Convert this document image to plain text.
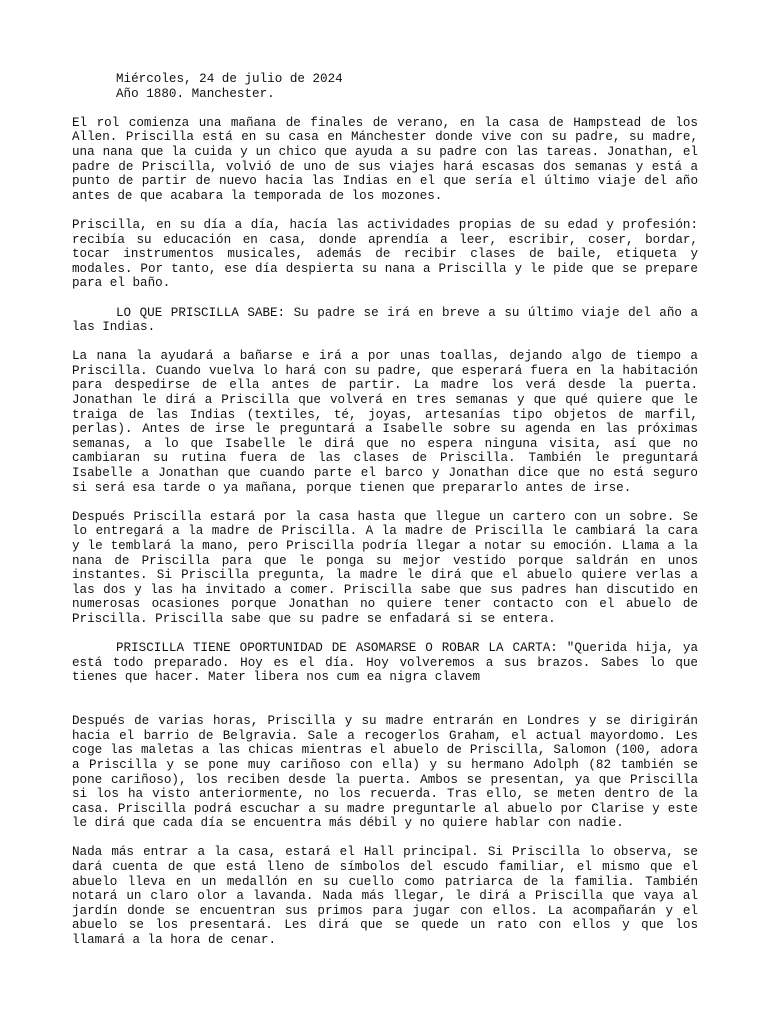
Miércoles, 24 de julio de 2024
Año 1880. Manchester.

El rol comienza una mañana de finales de verano, en la casa de Hampstead de los Allen. Priscilla está en su casa en Mánchester donde vive con su padre, su madre, una nana que la cuida y un chico que ayuda a su padre con las tareas. Jonathan, el padre de Priscilla, volvió de uno de sus viajes hará escasas dos semanas y está a punto de partir de nuevo hacia las Indias en el que sería el último viaje del año antes de que acabara la temporada de los mozones.

Priscilla, en su día a día, hacía las actividades propias de su edad y profesión: recibía su educación en casa, donde aprendía a leer, escribir, coser, bordar, tocar instrumentos musicales, además de recibir clases de baile, etiqueta y modales. Por tanto, ese día despierta su nana a Priscilla y le pide que se prepare para el baño.

LO QUE PRISCILLA SABE: Su padre se irá en breve a su último viaje del año a las Indias.

La nana la ayudará a bañarse e irá a por unas toallas, dejando algo de tiempo a Priscilla. Cuando vuelva lo hará con su padre, que esperará fuera en la habitación para despedirse de ella antes de partir. La madre los verá desde la puerta. Jonathan le dirá a Priscilla que volverá en tres semanas y que qué quiere que le traiga de las Indias (textiles, té, joyas, artesanías tipo objetos de marfil, perlas). Antes de irse le preguntará a Isabelle sobre su agenda en las próximas semanas, a lo que Isabelle le dirá que no espera ninguna visita, así que no cambiaran su rutina fuera de las clases de Priscilla. También le preguntará Isabelle a Jonathan que cuando parte el barco y Jonathan dice que no está seguro si será esa tarde o ya mañana, porque tienen que prepararlo antes de irse.

Después Priscilla estará por la casa hasta que llegue un cartero con un sobre. Se lo entregará a la madre de Priscilla. A la madre de Priscilla le cambiará la cara y le temblará la mano, pero Priscilla podría llegar a notar su emoción. Llama a la nana de Priscilla para que le ponga su mejor vestido porque saldrán en unos instantes. Si Priscilla pregunta, la madre le dirá que el abuelo quiere verlas a las dos y las ha invitado a comer. Priscilla sabe que sus padres han discutido en numerosas ocasiones porque Jonathan no quiere tener contacto con el abuelo de Priscilla. Priscilla sabe que su padre se enfadará si se entera.

PRISCILLA TIENE OPORTUNIDAD DE ASOMARSE O ROBAR LA CARTA: "Querida hija, ya está todo preparado. Hoy es el día. Hoy volveremos a sus brazos. Sabes lo que tienes que hacer. Mater libera nos cum ea nigra clavem

Después de varias horas, Priscilla y su madre entrarán en Londres y se dirigirán hacia el barrio de Belgravia. Sale a recogerlos Graham, el actual mayordomo. Les coge las maletas a las chicas mientras el abuelo de Priscilla, Salomon (100, adora a Priscilla y se pone muy cariñoso con ella) y su hermano Adolph (82 también se pone cariñoso), los reciben desde la puerta. Ambos se presentan, ya que Priscilla si los ha visto anteriormente, no los recuerda. Tras ello, se meten dentro de la casa. Priscilla podrá escuchar a su madre preguntarle al abuelo por Clarise y este le dirá que cada día se encuentra más débil y no quiere hablar con nadie.

Nada más entrar a la casa, estará el Hall principal. Si Priscilla lo observa, se dará cuenta de que está lleno de símbolos del escudo familiar, el mismo que el abuelo lleva en un medallón en su cuello como patriarca de la familia. También notará un claro olor a lavanda. Nada más llegar, le dirá a Priscilla que vaya al jardín donde se encuentran sus primos para jugar con ellos. La acompañarán y el abuelo se los presentará. Les dirá que se quede un rato con ellos y que los llamará a la hora de cenar.
